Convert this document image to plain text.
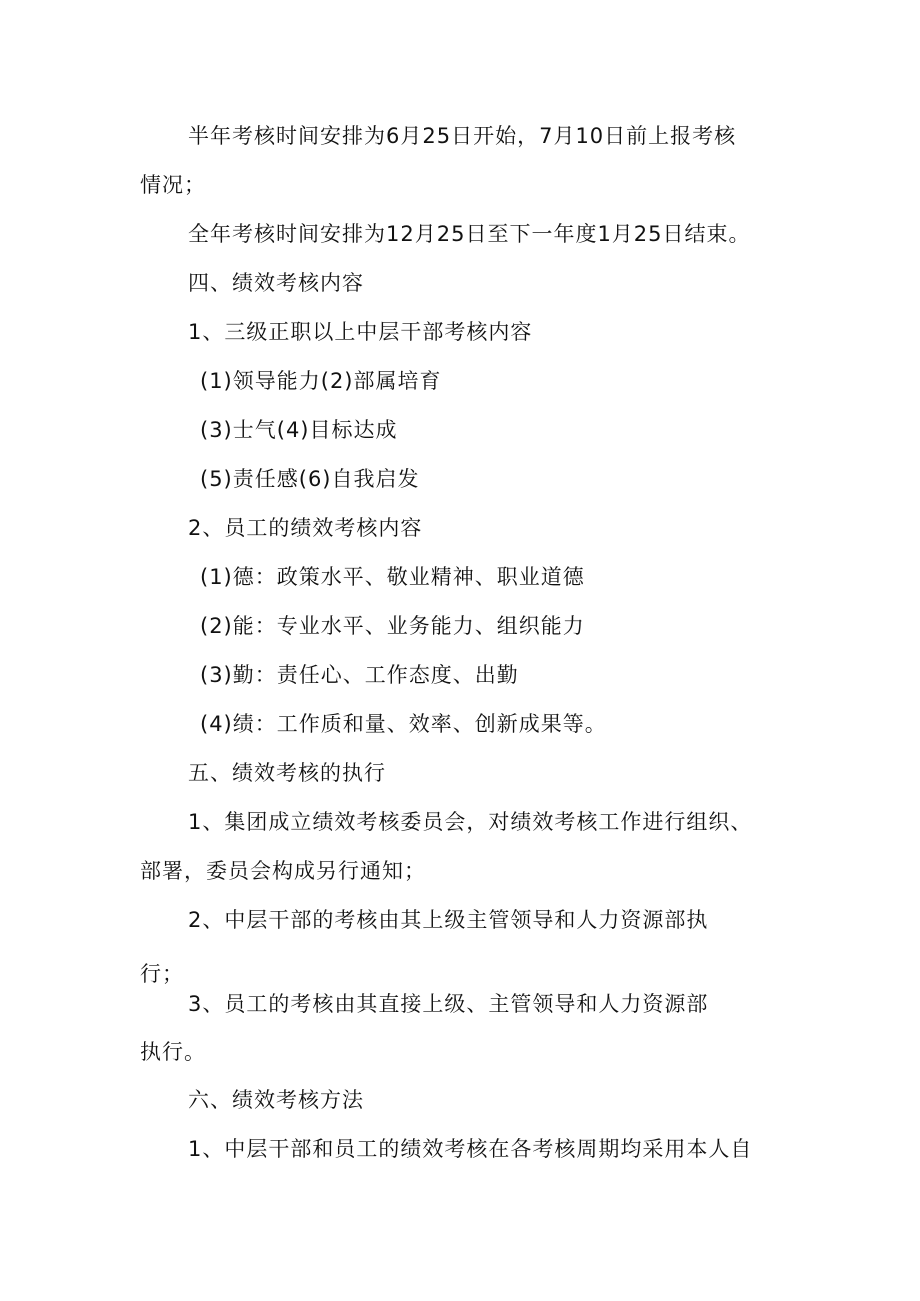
半年考核时间安排为6月25日开始，7月10日前上报考核
情况；
全年考核时间安排为12月25日至下一年度1月25日结束。
四、绩效考核内容
1、三级正职以上中层干部考核内容
(1)领导能力(2)部属培育
(3)士气(4)目标达成
(5)责任感(6)自我启发
2、员工的绩效考核内容
(1)德：政策水平、敬业精神、职业道德
(2)能：专业水平、业务能力、组织能力
(3)勤：责任心、工作态度、出勤
(4)绩：工作质和量、效率、创新成果等。
五、绩效考核的执行
1、集团成立绩效考核委员会，对绩效考核工作进行组织、
部署，委员会构成另行通知；
2、中层干部的考核由其上级主管领导和人力资源部执
行；
3、员工的考核由其直接上级、主管领导和人力资源部
执行。
六、绩效考核方法
1、中层干部和员工的绩效考核在各考核周期均采用本人自
